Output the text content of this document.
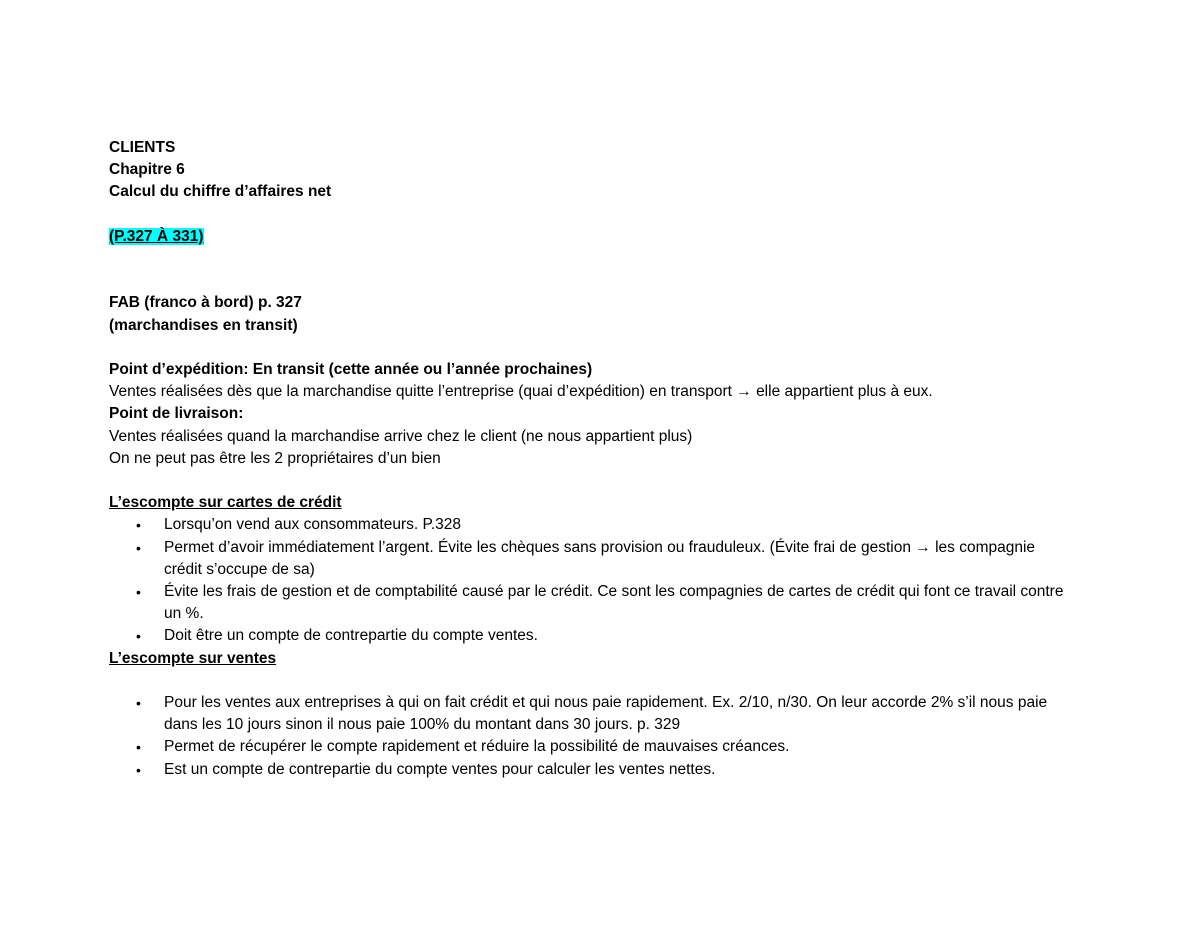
CLIENTS
Chapitre 6
Calcul du chiffre d’affaires net
(P.327 À 331)
FAB (franco à bord) p. 327
(marchandises en transit)
Point d’expédition: En transit (cette année ou l’année prochaines)
Ventes réalisées dès que la marchandise quitte l’entreprise (quai d’expédition) en transport → elle appartient plus à eux.
Point de livraison:
Ventes réalisées quand la marchandise arrive chez le client (ne nous appartient plus)
On ne peut pas être les 2 propriétaires d’un bien
L’escompte sur cartes de crédit
• Lorsqu’on vend aux consommateurs. P.328
• Permet d’avoir immédiatement l’argent. Évite les chèques sans provision ou frauduleux. (Évite frai de gestion → les compagnie crédit s’occupe de sa)
• Évite les frais de gestion et de comptabilité causé par le crédit. Ce sont les compagnies de cartes de crédit qui font ce travail contre un %.
• Doit être un compte de contrepartie du compte ventes.
L’escompte sur ventes
• Pour les ventes aux entreprises à qui on fait crédit et qui nous paie rapidement. Ex. 2/10, n/30. On leur accorde 2% s’il nous paie dans les 10 jours sinon il nous paie 100% du montant dans 30 jours. p. 329
• Permet de récupérer le compte rapidement et réduire la possibilité de mauvaises créances.
• Est un compte de contrepartie du compte ventes pour calculer les ventes nettes.
